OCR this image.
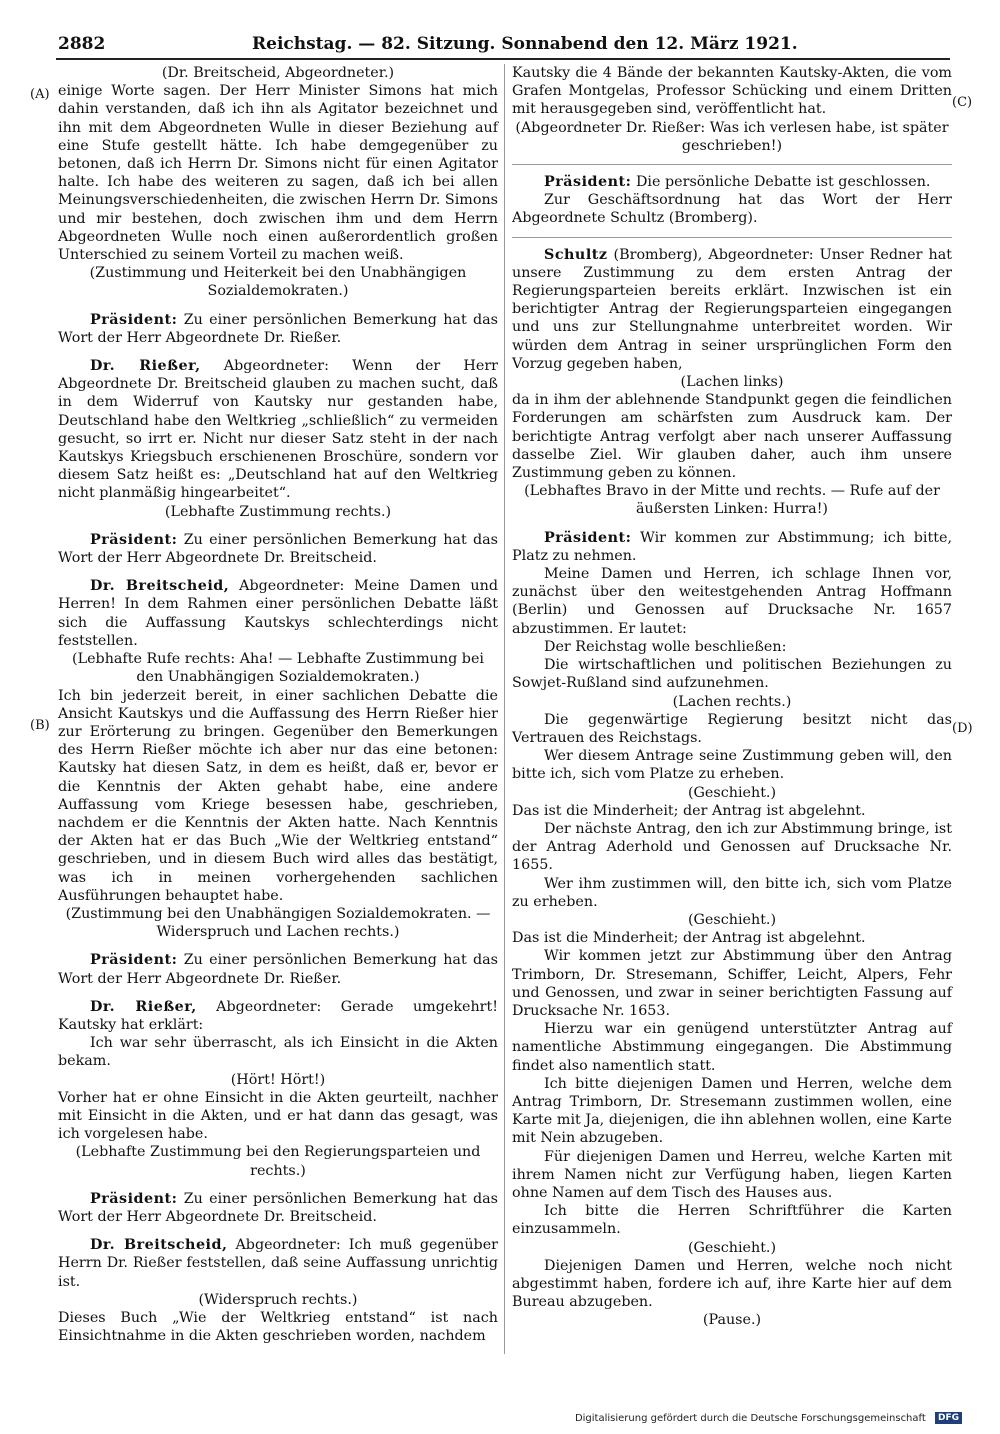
2882	Reichstag. — 82. Sitzung. Sonnabend den 12. März 1921.
(A)
(B)
(C)
(D)

(Dr. Breitscheid, Abgeordneter.)

einige Worte sagen. Der Herr Minister Simons hat mich dahin verstanden, daß ich ihn als Agitator bezeichnet und ihn mit dem Abgeordneten Wulle in dieser Beziehung auf eine Stufe gestellt hätte. Ich habe demgegenüber zu betonen, daß ich Herrn Dr. Simons nicht für einen Agitator halte. Ich habe des weiteren zu sagen, daß ich bei allen Meinungsverschiedenheiten, die zwischen Herrn Dr. Simons und mir bestehen, doch zwischen ihm und dem Herrn Abgeordneten Wulle noch einen außerordentlich großen Unterschied zu seinem Vorteil zu machen weiß.

(Zustimmung und Heiterkeit bei den Unabhängigen Sozialdemokraten.)

Präsident: Zu einer persönlichen Bemerkung hat das Wort der Herr Abgeordnete Dr. Rießer.

Dr. Rießer, Abgeordneter: Wenn der Herr Abgeordnete Dr. Breitscheid glauben zu machen sucht, daß in dem Widerruf von Kautsky nur gestanden habe, Deutschland habe den Weltkrieg „schließlich“ zu vermeiden gesucht, so irrt er. Nicht nur dieser Satz steht in der nach Kautskys Kriegsbuch erschienenen Broschüre, sondern vor diesem Satz heißt es: „Deutschland hat auf den Weltkrieg nicht planmäßig hingearbeitet“.

(Lebhafte Zustimmung rechts.)

Präsident: Zu einer persönlichen Bemerkung hat das Wort der Herr Abgeordnete Dr. Breitscheid.

Dr. Breitscheid, Abgeordneter: Meine Damen und Herren! In dem Rahmen einer persönlichen Debatte läßt sich die Auffassung Kautskys schlechterdings nicht feststellen.

(Lebhafte Rufe rechts: Aha! — Lebhafte Zustimmung bei den Unabhängigen Sozialdemokraten.)

Ich bin jederzeit bereit, in einer sachlichen Debatte die Ansicht Kautskys und die Auffassung des Herrn Rießer hier zur Erörterung zu bringen. Gegenüber den Bemerkungen des Herrn Rießer möchte ich aber nur das eine betonen: Kautsky hat diesen Satz, in dem es heißt, daß er, bevor er die Kenntnis der Akten gehabt habe, eine andere Auffassung vom Kriege besessen habe, geschrieben, nachdem er die Kenntnis der Akten hatte. Nach Kenntnis der Akten hat er das Buch „Wie der Weltkrieg entstand“ geschrieben, und in diesem Buch wird alles das bestätigt, was ich in meinen vorhergehenden sachlichen Ausführungen behauptet habe.

(Zustimmung bei den Unabhängigen Sozialdemokraten. — Widerspruch und Lachen rechts.)

Präsident: Zu einer persönlichen Bemerkung hat das Wort der Herr Abgeordnete Dr. Rießer.

Dr. Rießer, Abgeordneter: Gerade umgekehrt! Kautsky hat erklärt:

Ich war sehr überrascht, als ich Einsicht in die Akten bekam.

(Hört! Hört!)

Vorher hat er ohne Einsicht in die Akten geurteilt, nachher mit Einsicht in die Akten, und er hat dann das gesagt, was ich vorgelesen habe.

(Lebhafte Zustimmung bei den Regierungsparteien und rechts.)

Präsident: Zu einer persönlichen Bemerkung hat das Wort der Herr Abgeordnete Dr. Breitscheid.

Dr. Breitscheid, Abgeordneter: Ich muß gegenüber Herrn Dr. Rießer feststellen, daß seine Auffassung unrichtig ist.

(Widerspruch rechts.)

Dieses Buch „Wie der Weltkrieg entstand“ ist nach Einsichtnahme in die Akten geschrieben worden, nachdem

Kautsky die 4 Bände der bekannten Kautsky-Akten, die vom Grafen Montgelas, Professor Schücking und einem Dritten mit herausgegeben sind, veröffentlicht hat.

(Abgeordneter Dr. Rießer: Was ich verlesen habe, ist später geschrieben!)

Präsident: Die persönliche Debatte ist geschlossen.

Zur Geschäftsordnung hat das Wort der Herr Abgeordnete Schultz (Bromberg).

Schultz (Bromberg), Abgeordneter: Unser Redner hat unsere Zustimmung zu dem ersten Antrag der Regierungsparteien bereits erklärt. Inzwischen ist ein berichtigter Antrag der Regierungsparteien eingegangen und uns zur Stellungnahme unterbreitet worden. Wir würden dem Antrag in seiner ursprünglichen Form den Vorzug gegeben haben,

(Lachen links)

da in ihm der ablehnende Standpunkt gegen die feindlichen Forderungen am schärfsten zum Ausdruck kam. Der berichtigte Antrag verfolgt aber nach unserer Auffassung dasselbe Ziel. Wir glauben daher, auch ihm unsere Zustimmung geben zu können.

(Lebhaftes Bravo in der Mitte und rechts. — Rufe auf der äußersten Linken: Hurra!)

Präsident: Wir kommen zur Abstimmung; ich bitte, Platz zu nehmen.

Meine Damen und Herren, ich schlage Ihnen vor, zunächst über den weitestgehenden Antrag Hoffmann (Berlin) und Genossen auf Drucksache Nr. 1657 abzustimmen. Er lautet:

Der Reichstag wolle beschließen:

Die wirtschaftlichen und politischen Beziehungen zu Sowjet-Rußland sind aufzunehmen.

(Lachen rechts.)

Die gegenwärtige Regierung besitzt nicht das Vertrauen des Reichstags.

Wer diesem Antrage seine Zustimmung geben will, den bitte ich, sich vom Platze zu erheben.

(Geschieht.)

Das ist die Minderheit; der Antrag ist abgelehnt.

Der nächste Antrag, den ich zur Abstimmung bringe, ist der Antrag Aderhold und Genossen auf Drucksache Nr. 1655.

Wer ihm zustimmen will, den bitte ich, sich vom Platze zu erheben.

(Geschieht.)

Das ist die Minderheit; der Antrag ist abgelehnt.

Wir kommen jetzt zur Abstimmung über den Antrag Trimborn, Dr. Stresemann, Schiffer, Leicht, Alpers, Fehr und Genossen, und zwar in seiner berichtigten Fassung auf Drucksache Nr. 1653.

Hierzu war ein genügend unterstützter Antrag auf namentliche Abstimmung eingegangen. Die Abstimmung findet also namentlich statt.

Ich bitte diejenigen Damen und Herren, welche dem Antrag Trimborn, Dr. Stresemann zustimmen wollen, eine Karte mit Ja, diejenigen, die ihn ablehnen wollen, eine Karte mit Nein abzugeben.

Für diejenigen Damen und Herreu, welche Karten mit ihrem Namen nicht zur Verfügung haben, liegen Karten ohne Namen auf dem Tisch des Hauses aus.

Ich bitte die Herren Schriftführer die Karten einzusammeln.

(Geschieht.)

Diejenigen Damen und Herren, welche noch nicht abgestimmt haben, fordere ich auf, ihre Karte hier auf dem Bureau abzugeben.

(Pause.)

Digitalisierung gefördert durch die Deutsche Forschungsgemeinschaft DFG
